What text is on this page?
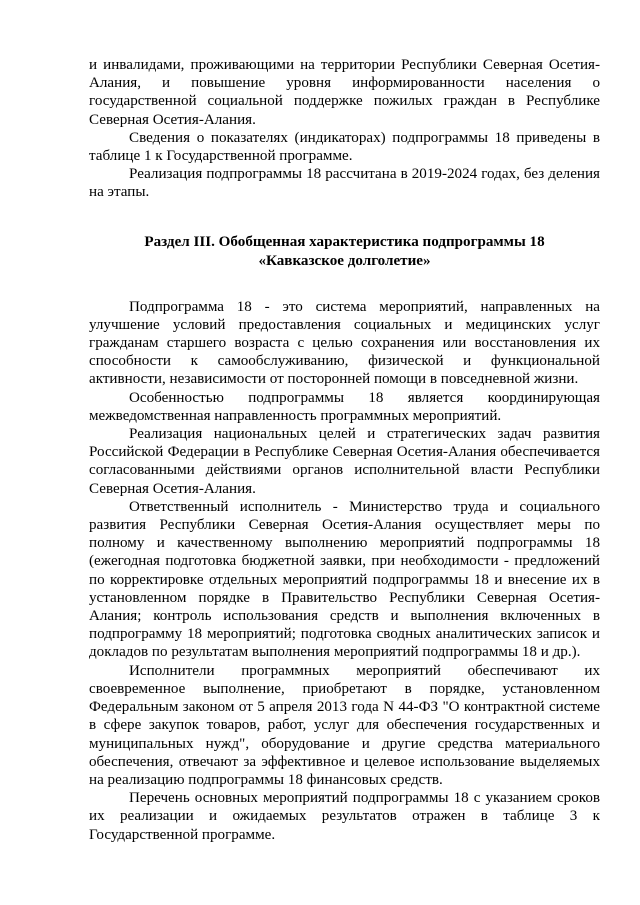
и инвалидами, проживающими на территории Республики Северная Осетия-Алания, и повышение уровня информированности населения о государственной социальной поддержке пожилых граждан в Республике Северная Осетия-Алания.

Сведения о показателях (индикаторах) подпрограммы 18 приведены в таблице 1 к Государственной программе.

Реализация подпрограммы 18 рассчитана в 2019-2024 годах, без деления на этапы.

Раздел III. Обобщенная характеристика подпрограммы 18
«Кавказское долголетие»

Подпрограмма 18 - это система мероприятий, направленных на улучшение условий предоставления социальных и медицинских услуг гражданам старшего возраста с целью сохранения или восстановления их способности к самообслуживанию, физической и функциональной активности, независимости от посторонней помощи в повседневной жизни.

Особенностью подпрограммы 18 является координирующая межведомственная направленность программных мероприятий.

Реализация национальных целей и стратегических задач развития Российской Федерации в Республике Северная Осетия-Алания обеспечивается согласованными действиями органов исполнительной власти Республики Северная Осетия-Алания.

Ответственный исполнитель - Министерство труда и социального развития Республики Северная Осетия-Алания осуществляет меры по полному и качественному выполнению мероприятий подпрограммы 18 (ежегодная подготовка бюджетной заявки, при необходимости - предложений по корректировке отдельных мероприятий подпрограммы 18 и внесение их в установленном порядке в Правительство Республики Северная Осетия-Алания; контроль использования средств и выполнения включенных в подпрограмму 18 мероприятий; подготовка сводных аналитических записок и докладов по результатам выполнения мероприятий подпрограммы 18 и др.).

Исполнители программных мероприятий обеспечивают их своевременное выполнение, приобретают в порядке, установленном Федеральным законом от 5 апреля 2013 года N 44-ФЗ "О контрактной системе в сфере закупок товаров, работ, услуг для обеспечения государственных и муниципальных нужд", оборудование и другие средства материального обеспечения, отвечают за эффективное и целевое использование выделяемых на реализацию подпрограммы 18 финансовых средств.

Перечень основных мероприятий подпрограммы 18 с указанием сроков их реализации и ожидаемых результатов отражен в таблице 3 к Государственной программе.
